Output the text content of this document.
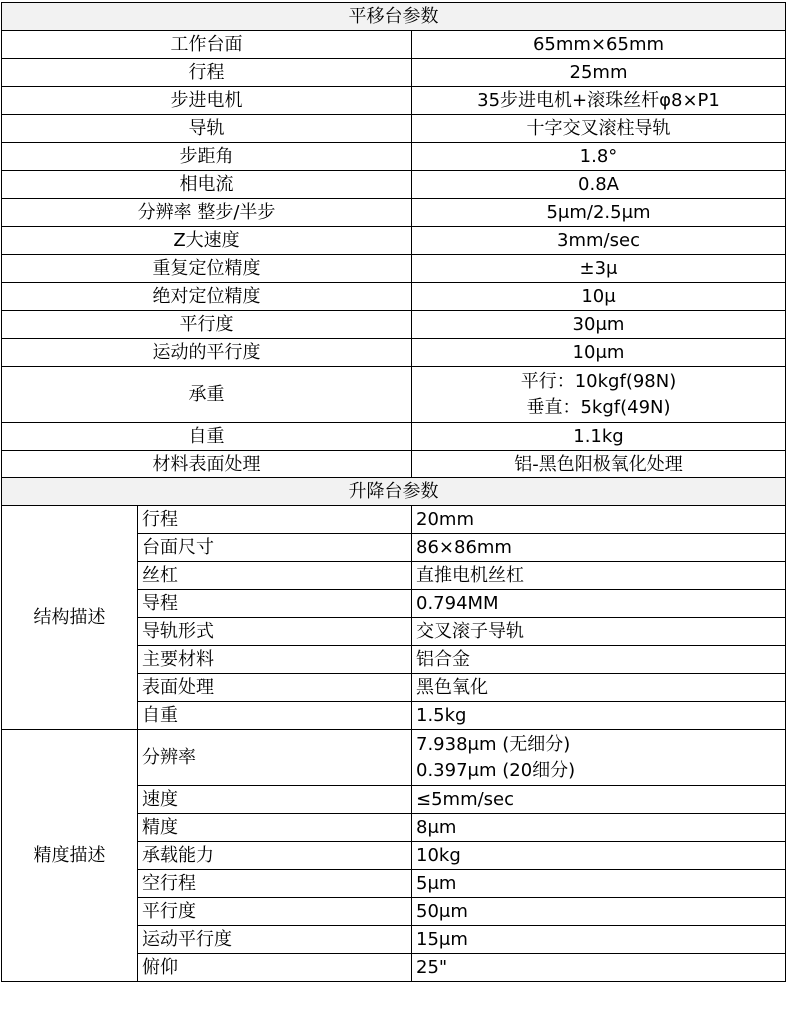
平移台参数	
工作台面	65mm×65mm
行程	25mm
步进电机	35步进电机+滚珠丝杆φ8×P1
导轨	十字交叉滚柱导轨
步距角	1.8°
相电流	0.8A
分辨率 整步/半步	5μm/2.5μm
Z大速度	3mm/sec
重复定位精度	±3μ
绝对定位精度	10μ
平行度	30μm
运动的平行度	10μm
承重	平行：10kgf(98N)
垂直：5kgf(49N)

自重	1.1kg
材料表面处理	铝-黑色阳极氧化处理
升降台参数		
结构描述	行程	20mm
	台面尺寸	86×86mm
	丝杠	直推电机丝杠
	导程	0.794MM
	导轨形式	交叉滚子导轨
	主要材料	铝合金
	表面处理	黑色氧化
	自重	1.5kg
精度描述	分辨率	7.938μm (无细分)
0.397μm (20细分)

	速度	≤5mm/sec
	精度	8μm
	承载能力	10kg
	空行程	5μm
	平行度	50μm
	运动平行度	15μm
	俯仰	25"
